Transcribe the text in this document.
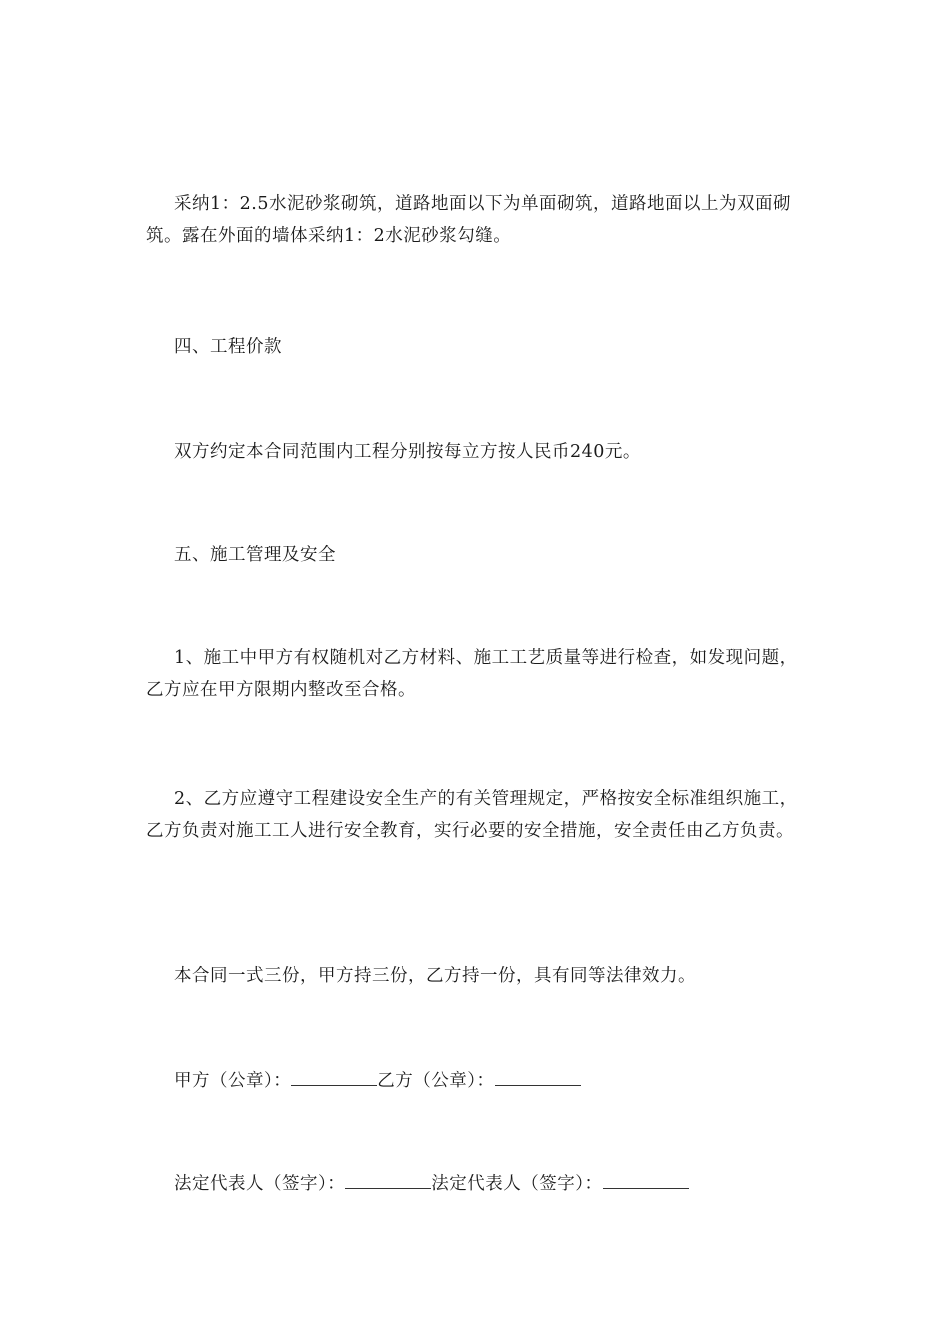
采纳1：2.5水泥砂浆砌筑，道路地面以下为单面砌筑，道路地面以上为双面砌筑。露在外面的墙体采纳1：2水泥砂浆勾缝。

四、工程价款

双方约定本合同范围内工程分别按每立方按人民币240元。

五、施工管理及安全

1、施工中甲方有权随机对乙方材料、施工工艺质量等进行检查，如发现问题，乙方应在甲方限期内整改至合格。

2、乙方应遵守工程建设安全生产的有关管理规定，严格按安全标准组织施工，乙方负责对施工工人进行安全教育，实行必要的安全措施，安全责任由乙方负责。

本合同一式三份，甲方持三份，乙方持一份，具有同等法律效力。

甲方（公章）：	乙方（公章）：

法定代表人（签字）：	法定代表人（签字）：
